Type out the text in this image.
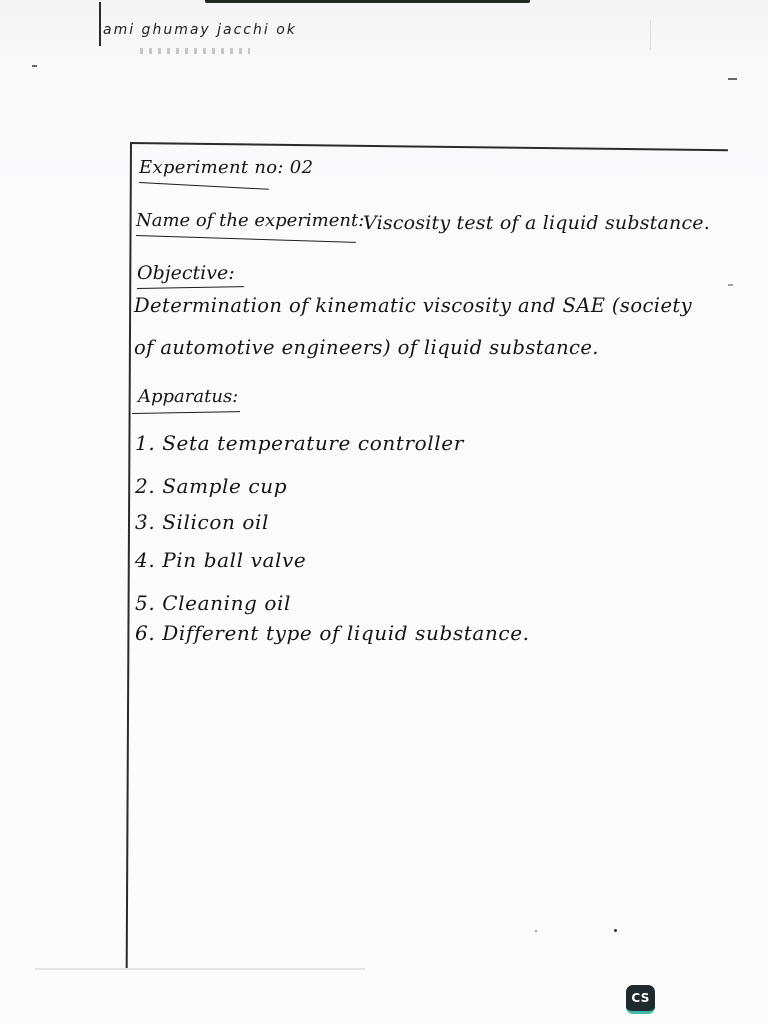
ami ghumay jacchi ok
Experiment no: 02
Name of the experiment:
Viscosity test of a liquid substance.
Objective:
Determination of kinematic viscosity and SAE (society
of automotive engineers) of liquid substance.
Apparatus:
1. Seta temperature controller
2. Sample cup
3. Silicon oil
4. Pin ball valve
5. Cleaning oil
6. Different type of liquid substance.
CS
